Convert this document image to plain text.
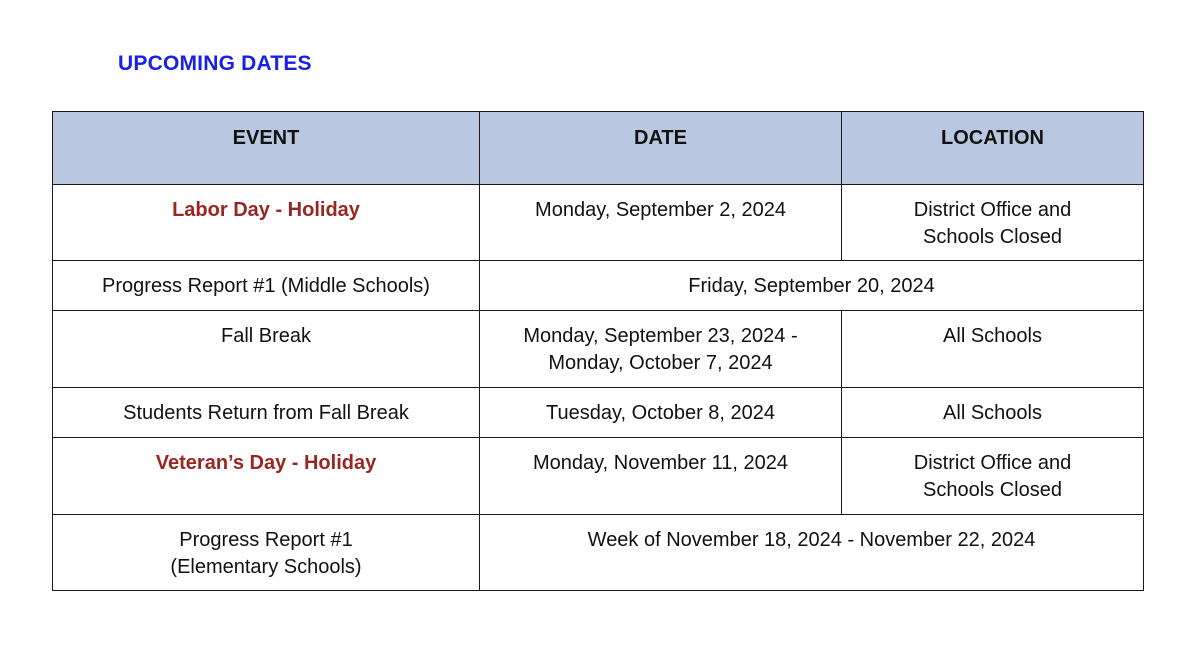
UPCOMING DATES
EVENT	DATE	LOCATION
Labor Day - Holiday	Monday, September 2, 2024	District Office and
Schools Closed

Progress Report #1 (Middle Schools)	Friday, September 20, 2024	
Fall Break	Monday, September 23, 2024 -
Monday, October 7, 2024	All Schools
Students Return from Fall Break	Tuesday, October 8, 2024	All Schools
Veteran’s Day - Holiday	Monday, November 11, 2024	District Office and
Schools Closed

Progress Report #1
(Elementary Schools)	Week of November 18, 2024 - November 22, 2024	
